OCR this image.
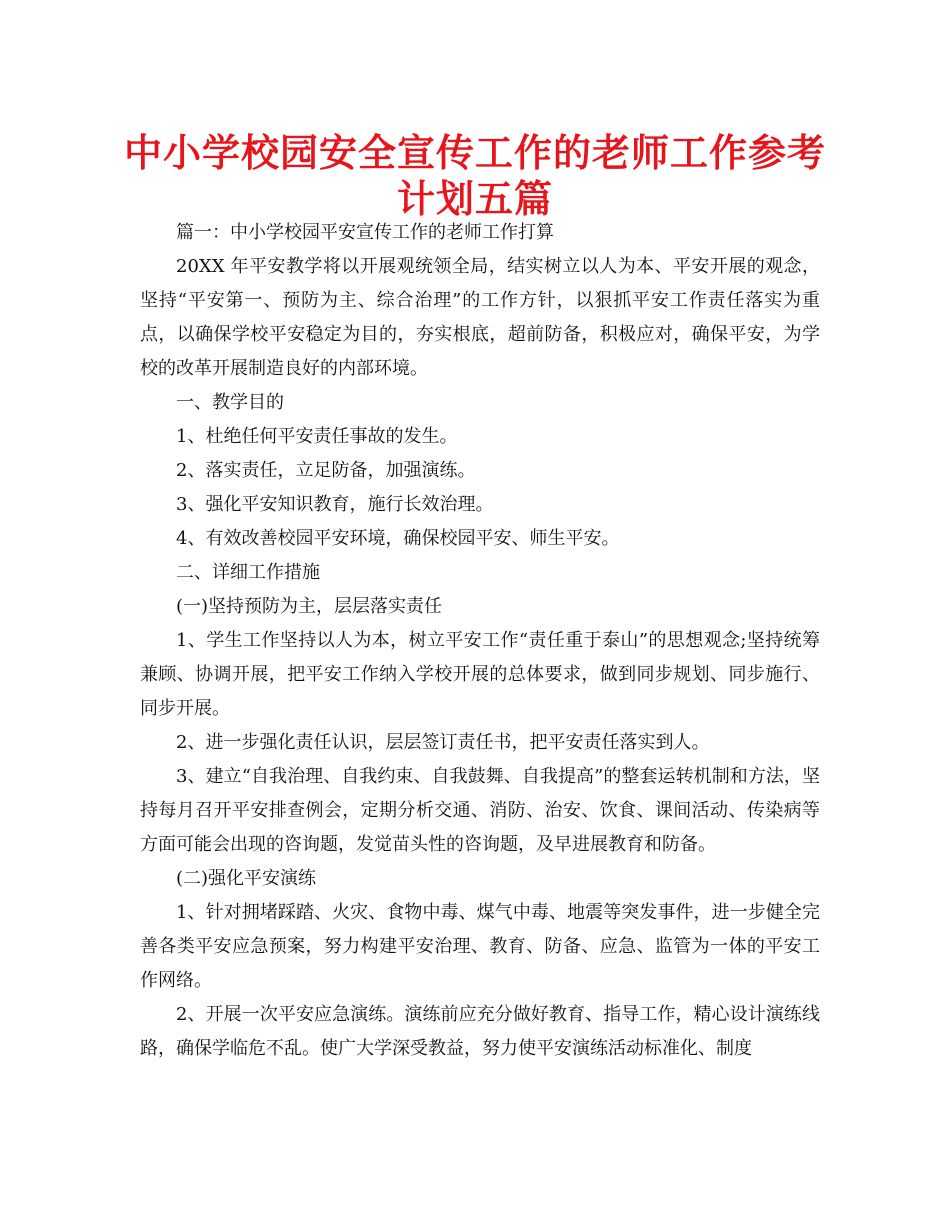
中小学校园安全宣传工作的老师工作参考
计划五篇

篇一：中小学校园平安宣传工作的老师工作打算

20XX 年平安教学将以开展观统领全局，结实树立以人为本、平安开展的观念，坚持“平安第一、预防为主、综合治理”的工作方针，以狠抓平安工作责任落实为重点，以确保学校平安稳定为目的，夯实根底，超前防备，积极应对，确保平安，为学校的改革开展制造良好的内部环境。

一、教学目的

1、杜绝任何平安责任事故的发生。

2、落实责任，立足防备，加强演练。

3、强化平安知识教育，施行长效治理。

4、有效改善校园平安环境，确保校园平安、师生平安。

二、详细工作措施

(一)坚持预防为主，层层落实责任

1、学生工作坚持以人为本，树立平安工作“责任重于泰山”的思想观念;坚持统筹兼顾、协调开展，把平安工作纳入学校开展的总体要求，做到同步规划、同步施行、同步开展。

2、进一步强化责任认识，层层签订责任书，把平安责任落实到人。

3、建立“自我治理、自我约束、自我鼓舞、自我提高”的整套运转机制和方法，坚持每月召开平安排查例会，定期分析交通、消防、治安、饮食、课间活动、传染病等方面可能会出现的咨询题，发觉苗头性的咨询题，及早进展教育和防备。

(二)强化平安演练

1、针对拥堵踩踏、火灾、食物中毒、煤气中毒、地震等突发事件，进一步健全完善各类平安应急预案，努力构建平安治理、教育、防备、应急、监管为一体的平安工作网络。

2、开展一次平安应急演练。演练前应充分做好教育、指导工作，精心设计演练线路，确保学临危不乱。使广大学深受教益，努力使平安演练活动标准化、制度
